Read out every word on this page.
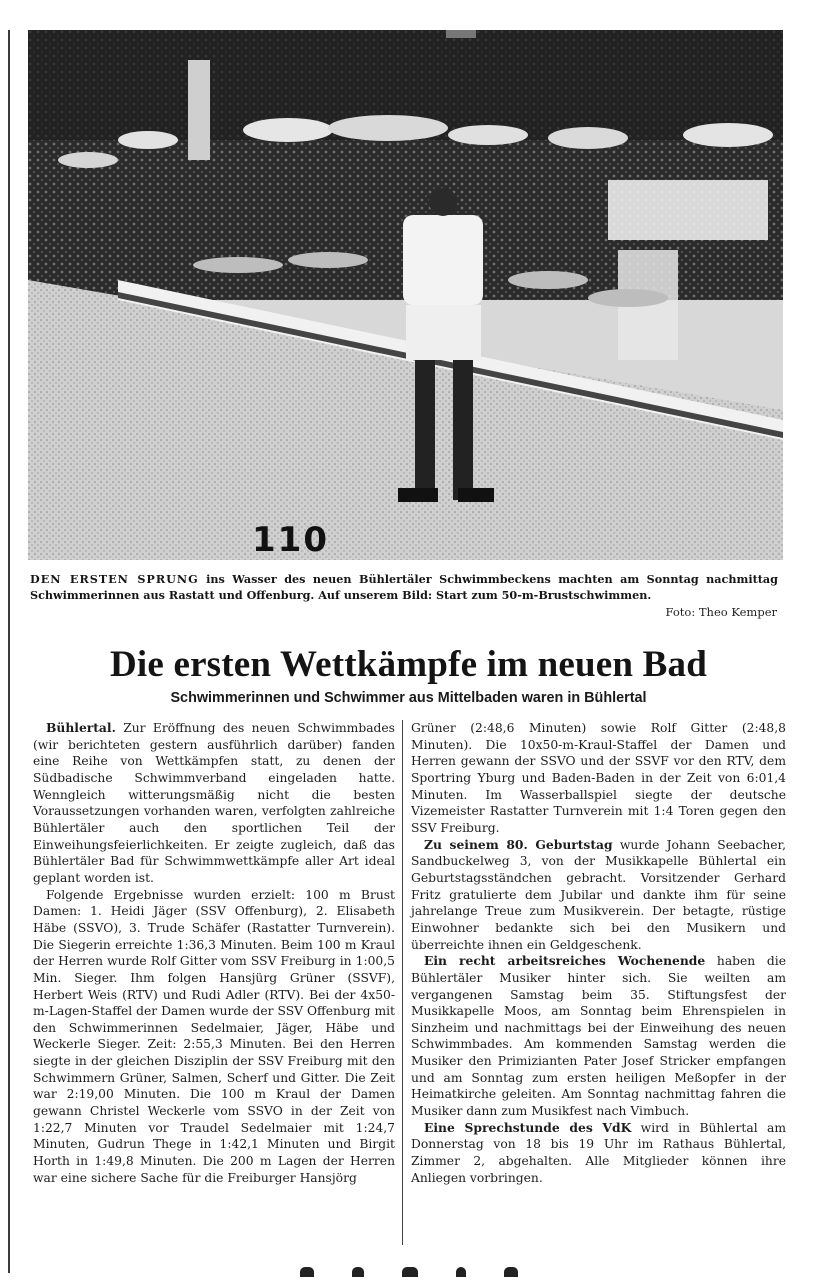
110
DEN ERSTEN SPRUNG ins Wasser des neuen Bühlertäler Schwimmbeckens machten am Sonntag nachmittag Schwimmerinnen aus Rastatt und Offenburg. Auf unserem Bild: Start zum 50-m-Brustschwimmen.
Foto: Theo Kemper
Die ersten Wettkämpfe im neuen Bad
Schwimmerinnen und Schwimmer aus Mittelbaden waren in Bühlertal

Bühlertal. Zur Eröffnung des neuen Schwimmbades (wir berichteten gestern ausführlich darüber) fanden eine Reihe von Wettkämpfen statt, zu denen der Südbadische Schwimmverband eingeladen hatte. Wenngleich witterungsmäßig nicht die besten Voraussetzungen vorhanden waren, verfolgten zahlreiche Bühlertäler auch den sportlichen Teil der Einweihungsfeierlichkeiten. Er zeigte zugleich, daß das Bühlertäler Bad für Schwimmwettkämpfe aller Art ideal geplant worden ist.

Folgende Ergebnisse wurden erzielt: 100 m Brust Damen: 1. Heidi Jäger (SSV Offenburg), 2. Elisabeth Häbe (SSVO), 3. Trude Schäfer (Rastatter Turnverein). Die Siegerin erreichte 1:36,3 Minuten. Beim 100 m Kraul der Herren wurde Rolf Gitter vom SSV Freiburg in 1:00,5 Min. Sieger. Ihm folgen Hansjürg Grüner (SSVF), Herbert Weis (RTV) und Rudi Adler (RTV). Bei der 4x50-m-Lagen-Staffel der Damen wurde der SSV Offenburg mit den Schwimmerinnen Sedelmaier, Jäger, Häbe und Weckerle Sieger. Zeit: 2:55,3 Minuten. Bei den Herren siegte in der gleichen Disziplin der SSV Freiburg mit den Schwimmern Grüner, Salmen, Scherf und Gitter. Die Zeit war 2:19,00 Minuten. Die 100 m Kraul der Damen gewann Christel Weckerle vom SSVO in der Zeit von 1:22,7 Minuten vor Traudel Sedelmaier mit 1:24,7 Minuten, Gudrun Thege in 1:42,1 Minuten und Birgit Horth in 1:49,8 Minuten. Die 200 m Lagen der Herren war eine sichere Sache für die Freiburger Hansjörg

Grüner (2:48,6 Minuten) sowie Rolf Gitter (2:48,8 Minuten). Die 10x50-m-Kraul-Staffel der Damen und Herren gewann der SSVO und der SSVF vor den RTV, dem Sportring Yburg und Baden-Baden in der Zeit von 6:01,4 Minuten. Im Wasserballspiel siegte der deutsche Vizemeister Rastatter Turnverein mit 1:4 Toren gegen den SSV Freiburg.

Zu seinem 80. Geburtstag wurde Johann Seebacher, Sandbuckelweg 3, von der Musikkapelle Bühlertal ein Geburtstagsständchen gebracht. Vorsitzender Gerhard Fritz gratulierte dem Jubilar und dankte ihm für seine jahrelange Treue zum Musikverein. Der betagte, rüstige Einwohner bedankte sich bei den Musikern und überreichte ihnen ein Geldgeschenk.

Ein recht arbeitsreiches Wochenende haben die Bühlertäler Musiker hinter sich. Sie weilten am vergangenen Samstag beim 35. Stiftungsfest der Musikkapelle Moos, am Sonntag beim Ehrenspielen in Sinzheim und nachmittags bei der Einweihung des neuen Schwimmbades. Am kommenden Samstag werden die Musiker den Primizianten Pater Josef Stricker empfangen und am Sonntag zum ersten heiligen Meßopfer in der Heimatkirche geleiten. Am Sonntag nachmittag fahren die Musiker dann zum Musikfest nach Vimbuch.

Eine Sprechstunde des VdK wird in Bühlertal am Donnerstag von 18 bis 19 Uhr im Rathaus Bühlertal, Zimmer 2, abgehalten. Alle Mitglieder können ihre Anliegen vorbringen.
